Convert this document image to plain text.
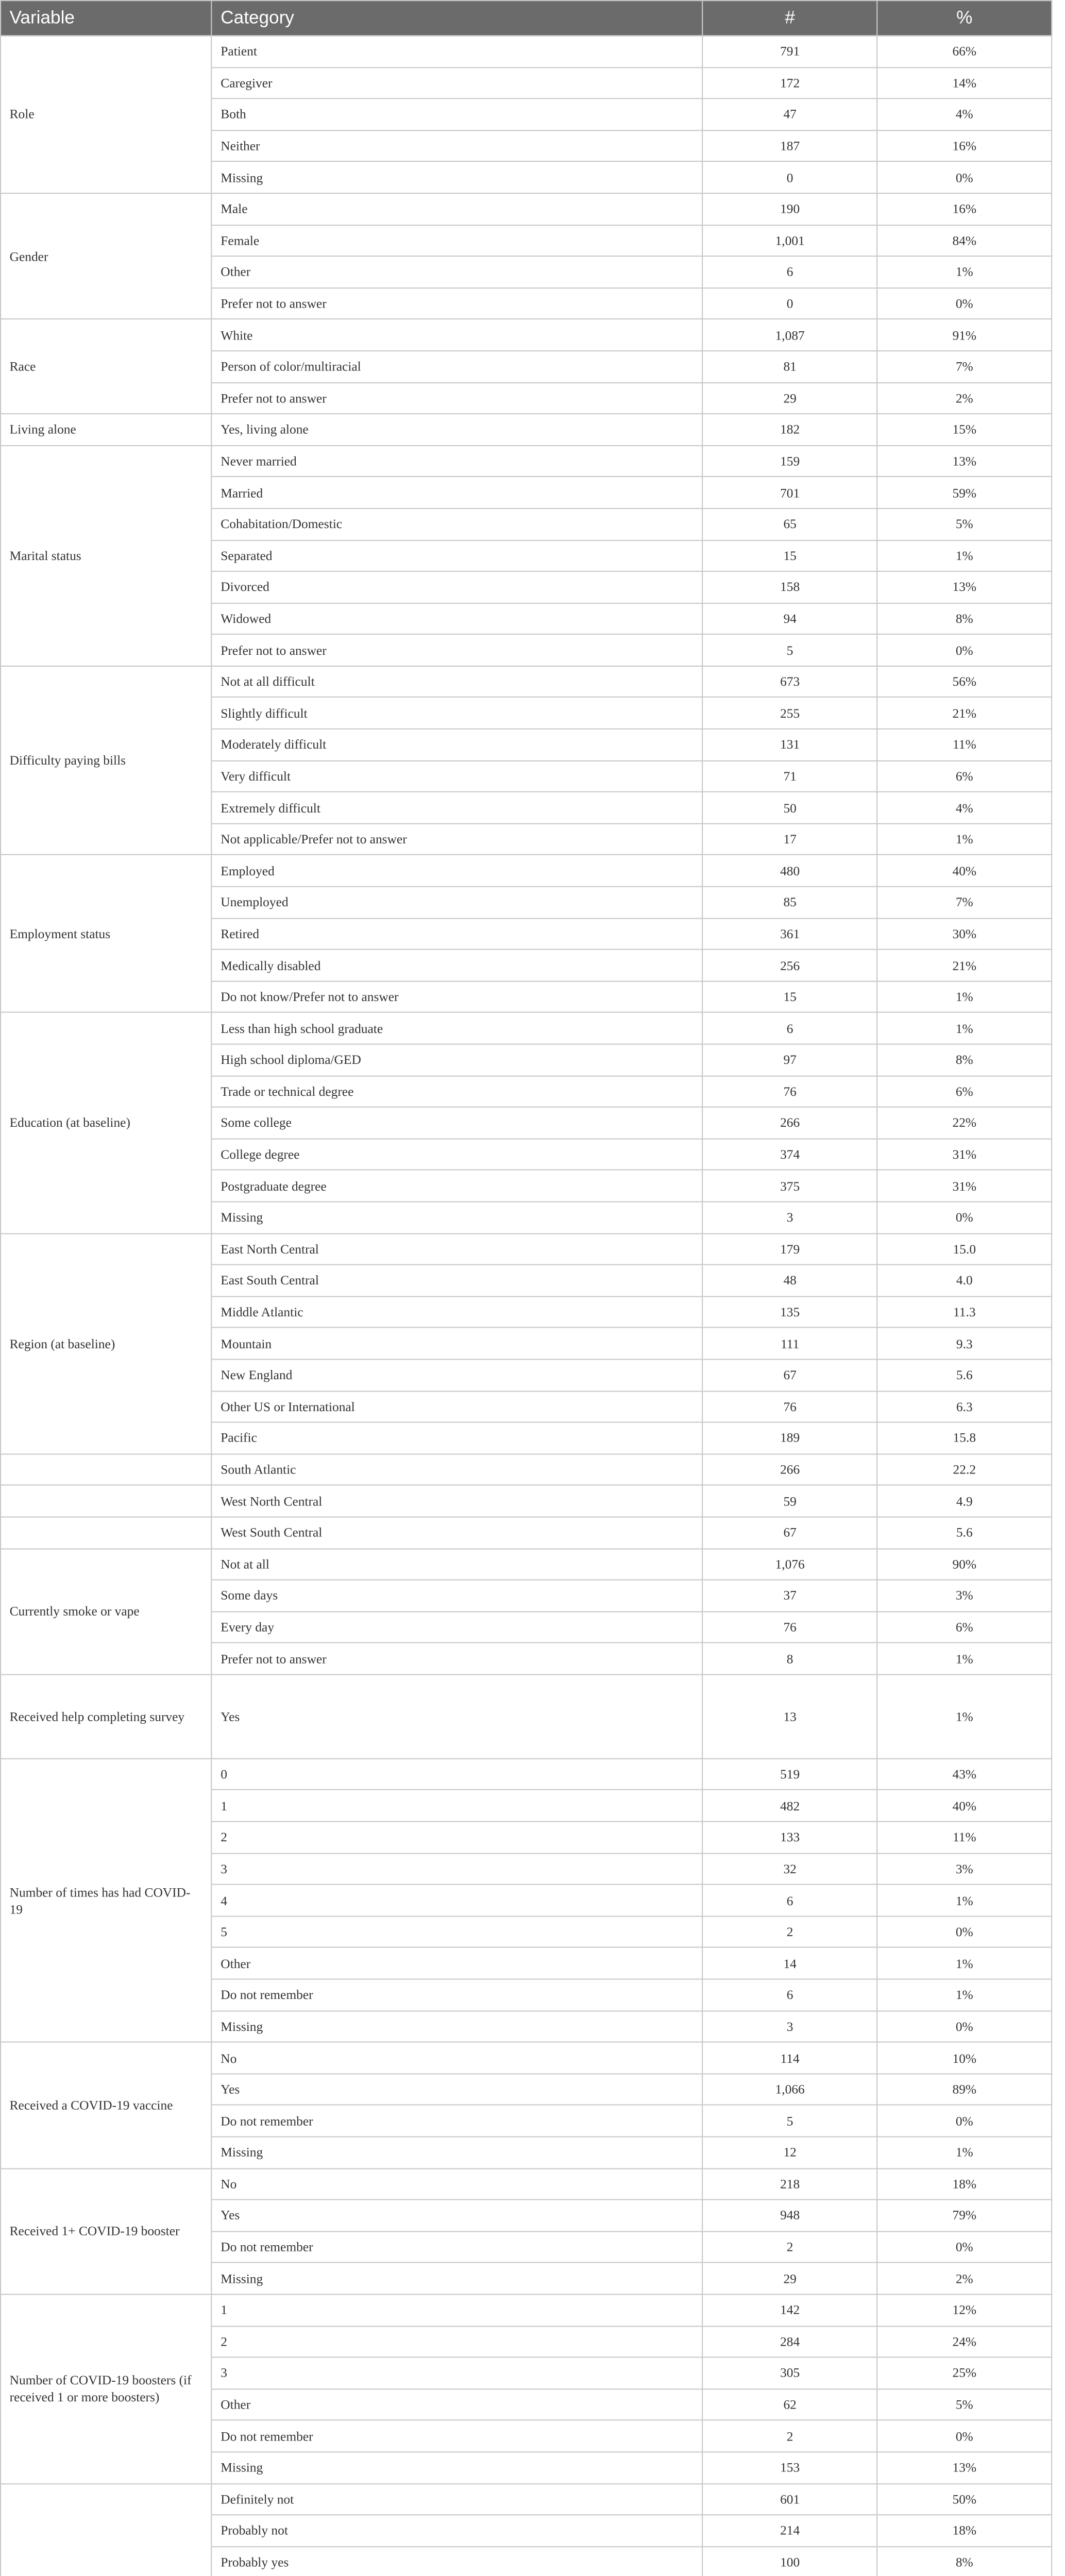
Variable	Category	#	%
Role	Patient	791	66%
	Caregiver	172	14%
	Both	47	4%
	Neither	187	16%
	Missing	0	0%
Gender	Male	190	16%
	Female	1,001	84%
	Other	6	1%
	Prefer not to answer	0	0%
Race	White	1,087	91%
	Person of color/multiracial	81	7%
	Prefer not to answer	29	2%
Living alone	Yes, living alone	182	15%
Marital status	Never married	159	13%
	Married	701	59%
	Cohabitation/Domestic	65	5%
	Separated	15	1%
	Divorced	158	13%
	Widowed	94	8%
	Prefer not to answer	5	0%
Difficulty paying bills	Not at all difficult	673	56%
	Slightly difficult	255	21%
	Moderately difficult	131	11%
	Very difficult	71	6%
	Extremely difficult	50	4%
	Not applicable/Prefer not to answer	17	1%
Employment status	Employed	480	40%
	Unemployed	85	7%
	Retired	361	30%
	Medically disabled	256	21%
	Do not know/Prefer not to answer	15	1%
Education (at baseline)	Less than high school graduate	6	1%
	High school diploma/GED	97	8%
	Trade or technical degree	76	6%
	Some college	266	22%
	College degree	374	31%
	Postgraduate degree	375	31%
	Missing	3	0%
Region (at baseline)	East North Central	179	15.0
	East South Central	48	4.0
	Middle Atlantic	135	11.3
	Mountain	111	9.3
	New England	67	5.6
	Other US or International	76	6.3
	Pacific	189	15.8
	South Atlantic	266	22.2
	West North Central	59	4.9
	West South Central	67	5.6
Currently smoke or vape	Not at all	1,076	90%
	Some days	37	3%
	Every day	76	6%
	Prefer not to answer	8	1%
Received help completing survey	Yes	13	1%
Number of times has had COVID-19	0	519	43%
	1	482	40%
	2	133	11%
	3	32	3%
	4	6	1%
	5	2	0%
	Other	14	1%
	Do not remember	6	1%
	Missing	3	0%
Received a COVID-19 vaccine	No	114	10%
	Yes	1,066	89%
	Do not remember	5	0%
	Missing	12	1%
Received 1+ COVID-19 booster	No	218	18%
	Yes	948	79%
	Do not remember	2	0%
	Missing	29	2%
Number of COVID-19 boosters (if received 1 or more boosters)	1	142	12%
	2	284	24%
	3	305	25%
	Other	62	5%
	Do not remember	2	0%
	Missing	153	13%
	Definitely not	601	50%
	Probably not	214	18%
	Probably yes	100	8%
